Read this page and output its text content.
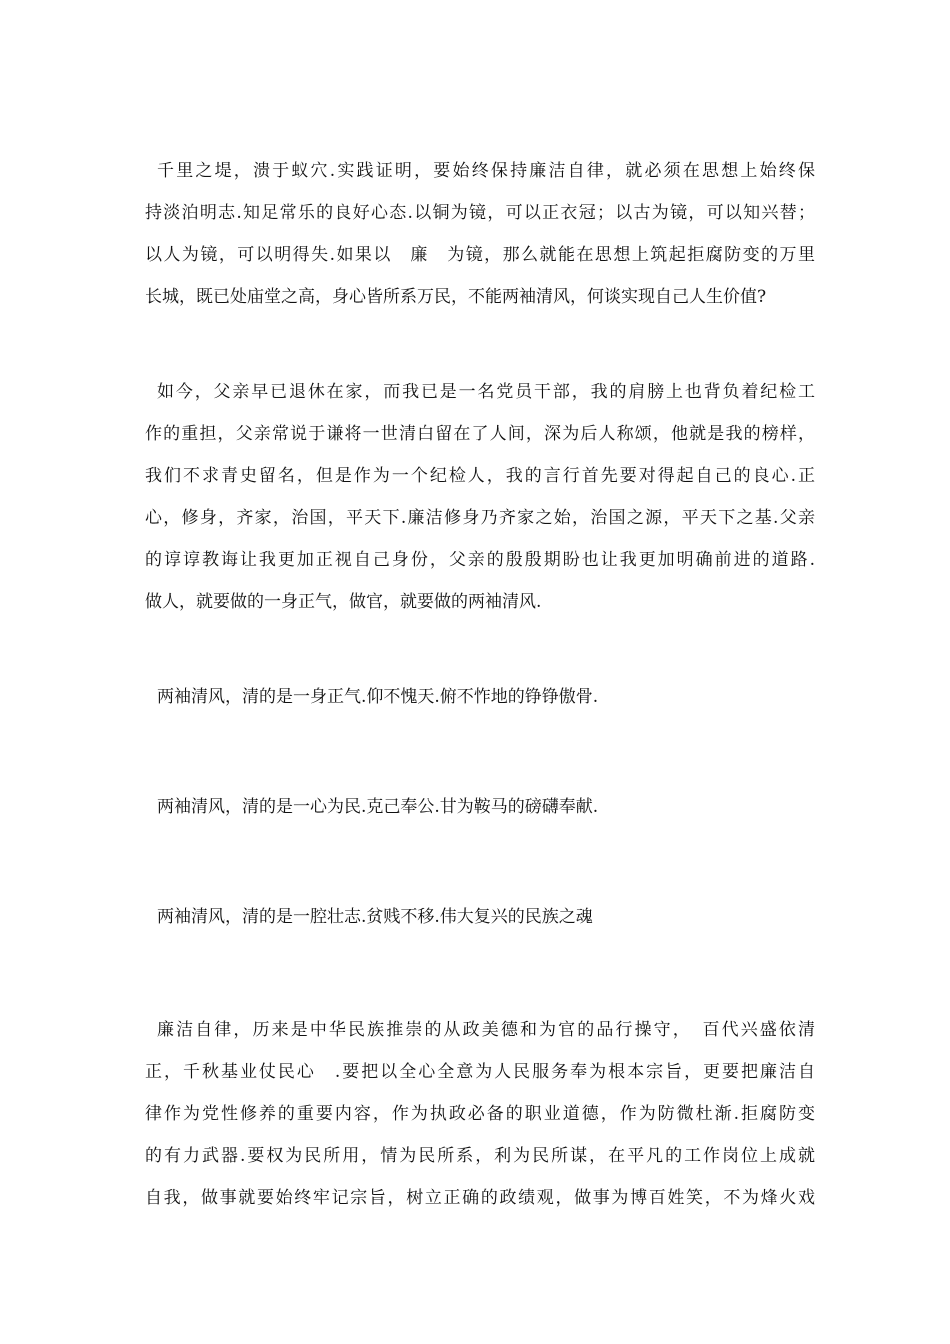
千里之堤，溃于蚁穴.实践证明，要始终保持廉洁自律，就必须在思想上始终保
持淡泊明志.知足常乐的良好心态.以铜为镜，可以正衣冠；以古为镜，可以知兴替；
以人为镜，可以明得失.如果以　廉　为镜，那么就能在思想上筑起拒腐防变的万里
长城，既已处庙堂之高，身心皆所系万民，不能两袖清风，何谈实现自己人生价值?
如今，父亲早已退休在家，而我已是一名党员干部，我的肩膀上也背负着纪检工
作的重担，父亲常说于谦将一世清白留在了人间，深为后人称颂，他就是我的榜样，
我们不求青史留名，但是作为一个纪检人，我的言行首先要对得起自己的良心.正
心，修身，齐家，治国，平天下.廉洁修身乃齐家之始，治国之源，平天下之基.父亲
的谆谆教诲让我更加正视自己身份，父亲的殷殷期盼也让我更加明确前进的道路.
做人，就要做的一身正气，做官，就要做的两袖清风.
两袖清风，清的是一身正气.仰不愧天.俯不怍地的铮铮傲骨.
两袖清风，清的是一心为民.克己奉公.甘为鞍马的磅礴奉献.
两袖清风，清的是一腔壮志.贫贱不移.伟大复兴的民族之魂
廉洁自律，历来是中华民族推崇的从政美德和为官的品行操守，　百代兴盛依清
正，千秋基业仗民心　.要把以全心全意为人民服务奉为根本宗旨，更要把廉洁自
律作为党性修养的重要内容，作为执政必备的职业道德，作为防微杜渐.拒腐防变
的有力武器.要权为民所用，情为民所系，利为民所谋，在平凡的工作岗位上成就
自我，做事就要始终牢记宗旨，树立正确的政绩观，做事为博百姓笑，不为烽火戏
